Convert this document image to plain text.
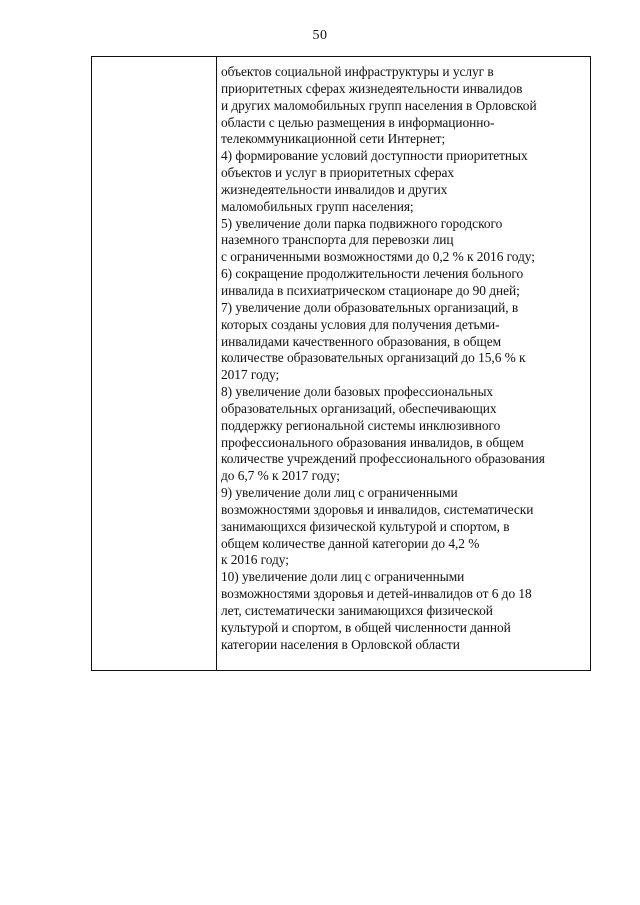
50
объектов социальной инфраструктуры и услуг в
приоритетных сферах жизнедеятельности инвалидов
и других маломобильных групп населения в Орловской
области с целью размещения в информационно-
телекоммуникационной сети Интернет;
4) формирование условий доступности приоритетных
объектов и услуг в приоритетных сферах
жизнедеятельности инвалидов и других
маломобильных групп населения;
5) увеличение доли парка подвижного городского
наземного транспорта для перевозки лиц
с ограниченными возможностями до 0,2 % к 2016 году;
6) сокращение продолжительности лечения больного
инвалида в психиатрическом стационаре до 90 дней;
7) увеличение доли образовательных организаций, в
которых созданы условия для получения детьми-
инвалидами качественного образования, в общем
количестве образовательных организаций до 15,6 % к
2017 году;
8) увеличение доли базовых профессиональных
образовательных организаций, обеспечивающих
поддержку региональной системы инклюзивного
профессионального образования инвалидов, в общем
количестве учреждений профессионального образования
до 6,7 % к 2017 году;
9) увеличение доли лиц с ограниченными
возможностями здоровья и инвалидов, систематически
занимающихся физической культурой и спортом, в
общем количестве данной категории до 4,2 %
к 2016 году;
10) увеличение доли лиц с ограниченными
возможностями здоровья и детей-инвалидов от 6 до 18
лет, систематически занимающихся физической
культурой и спортом, в общей численности данной
категории населения в Орловской области
